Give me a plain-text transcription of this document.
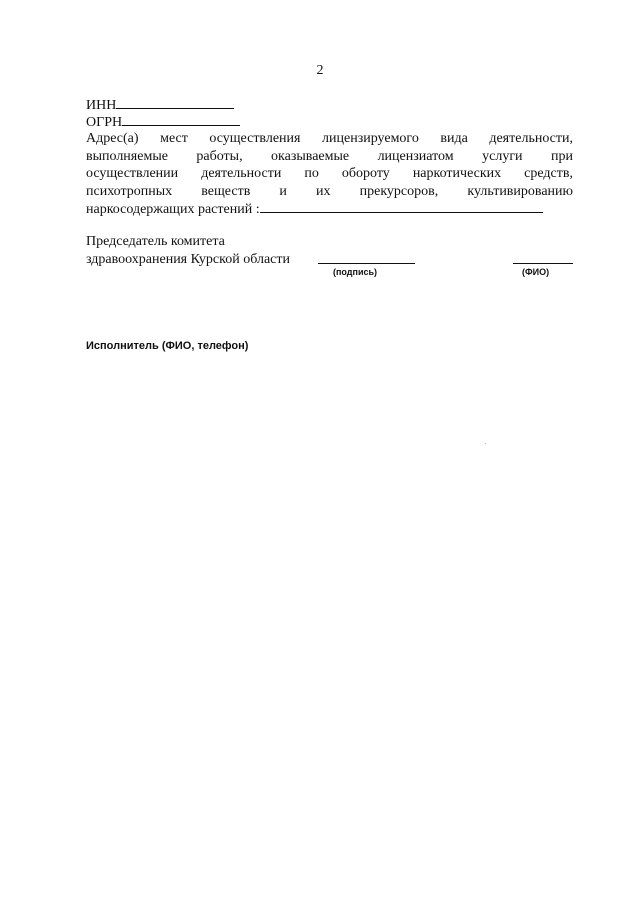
2
ИНН
ОГРН
Адрес(а) мест осуществления лицензируемого вида деятельности,
выполняемые работы, оказываемые лицензиатом услуги при
осуществлении деятельности по обороту наркотических средств,
психотропных веществ и их прекурсоров, культивированию
наркосодержащих растений :
Председатель комитета
здравоохранения Курской области
(подпись)	(ФИО)
Исполнитель (ФИО, телефон)
